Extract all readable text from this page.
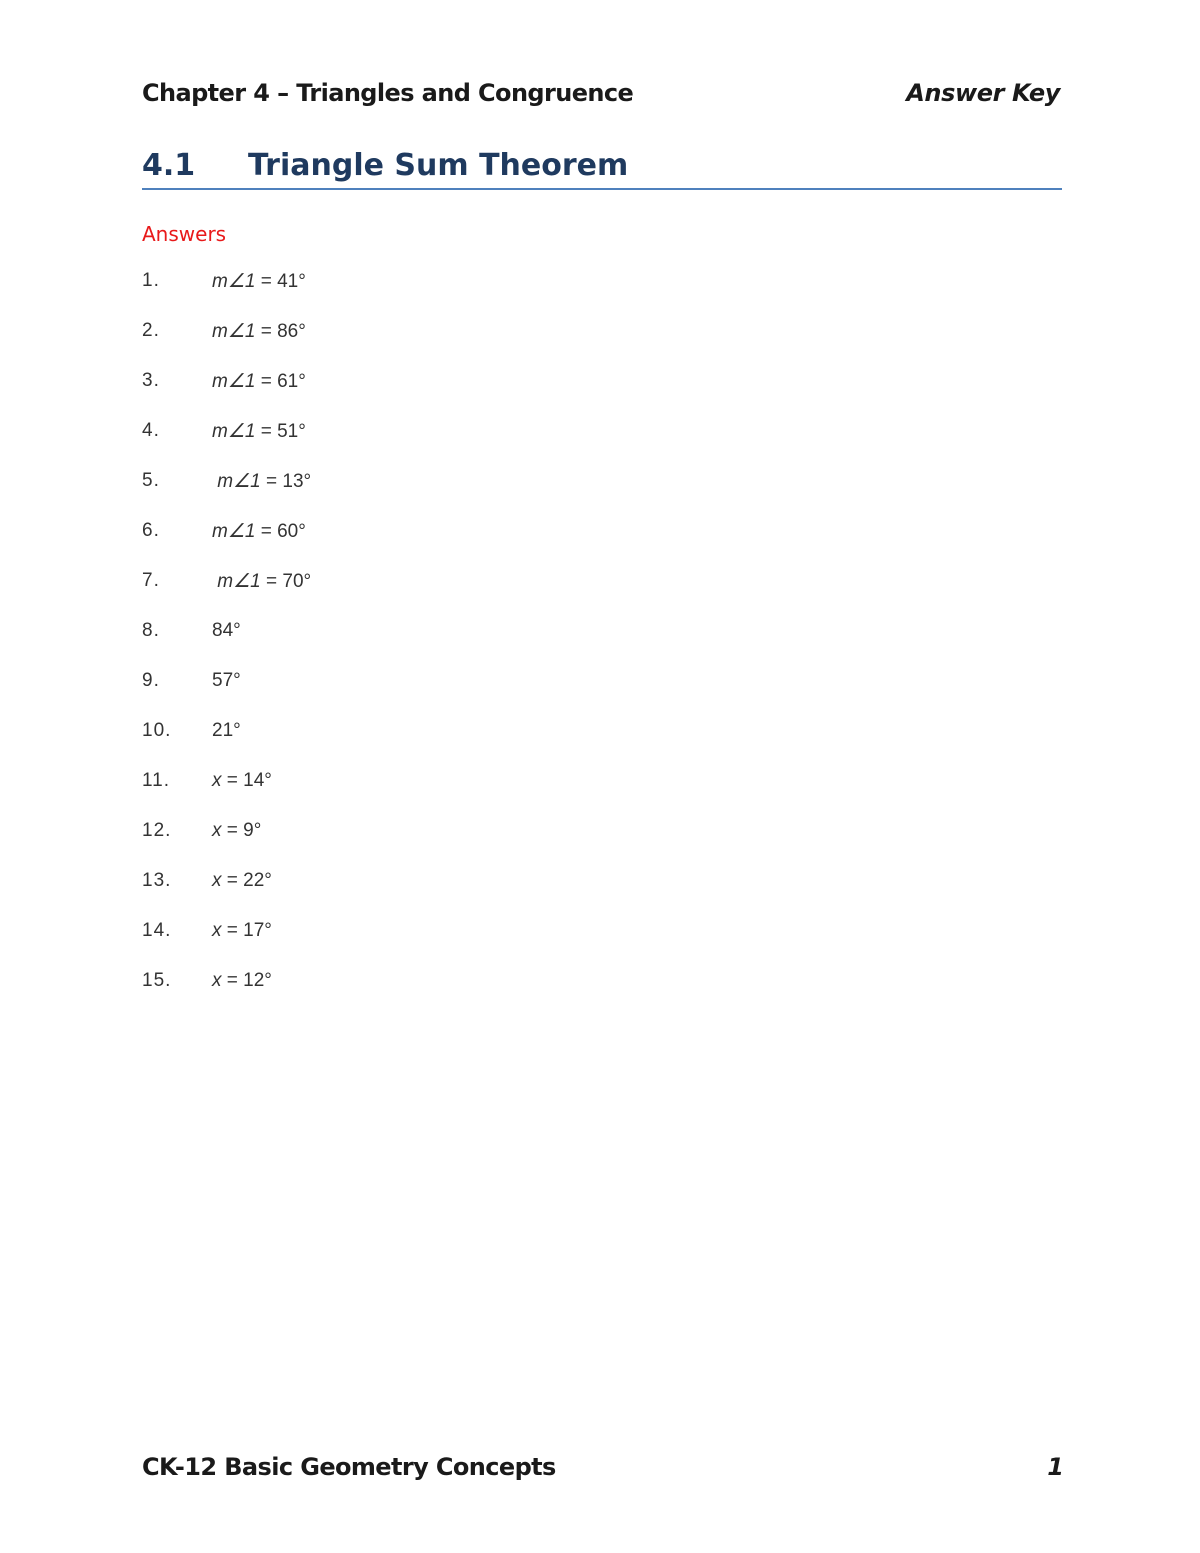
Chapter 4 – Triangles and Congruence	Answer Key
4.1	Triangle Sum Theorem
Answers
1.	m∠1 = 41°
2.	m∠1 = 86°
3.	m∠1 = 61°
4.	m∠1 = 51°
5.	m∠1 = 13°
6.	m∠1 = 60°
7.	m∠1 = 70°
8.	84°
9.	57°
10.	21°
11.	x = 14°
12.	x = 9°
13.	x = 22°
14.	x = 17°
15.	x = 12°
CK-12 Basic Geometry Concepts	1
